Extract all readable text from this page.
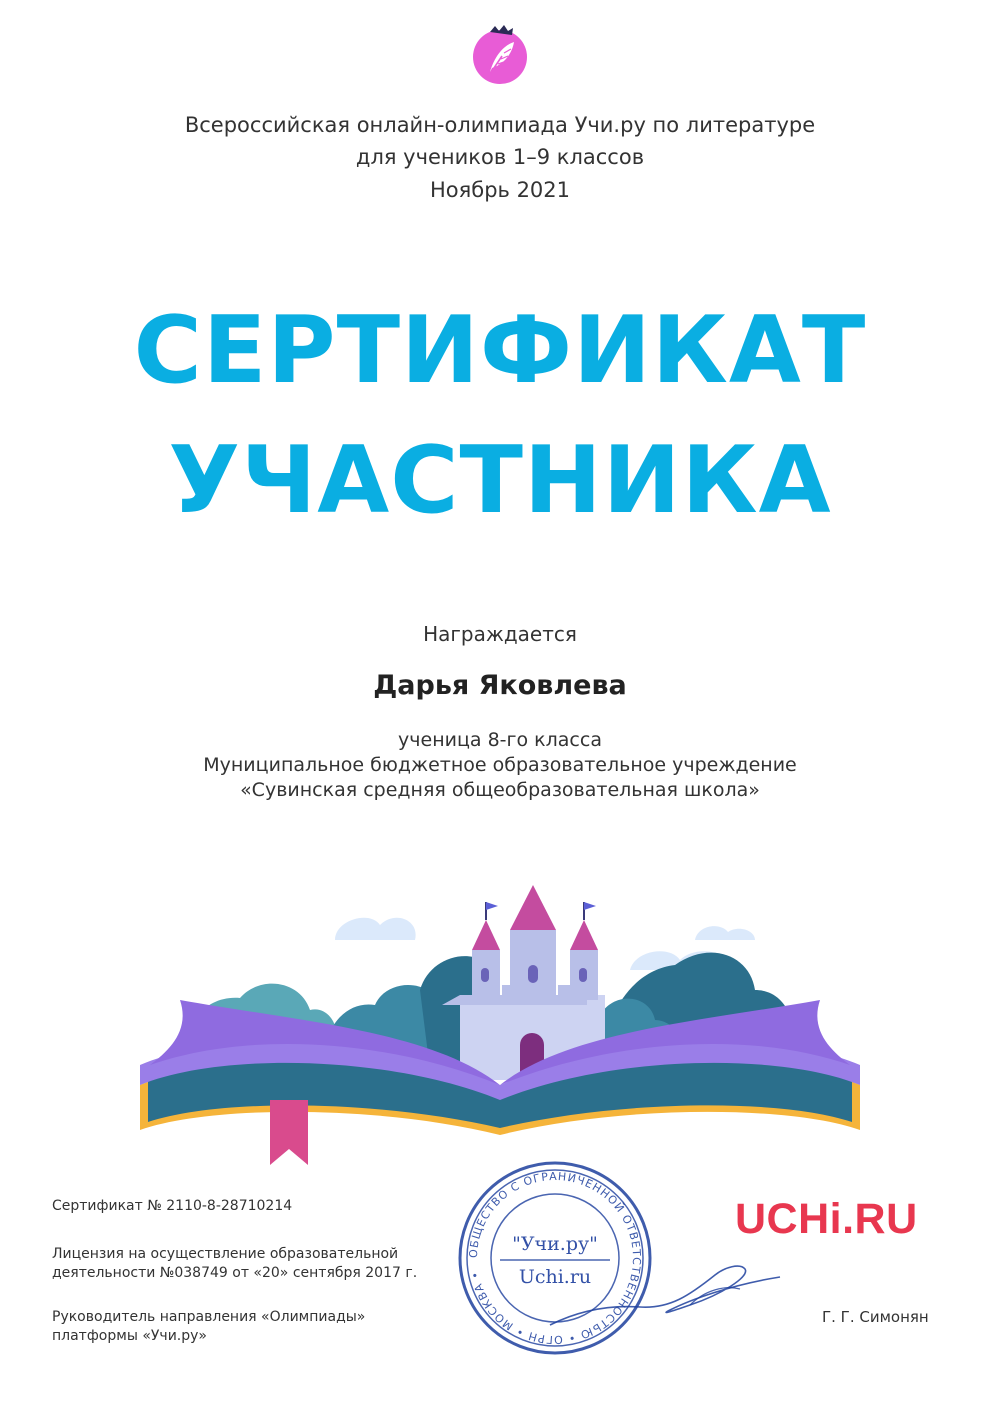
Всероссийская онлайн-олимпиада Учи.ру по литературе
для учеников 1–9 классов
Ноябрь 2021
СЕРТИФИКАТ
УЧАСТНИКА
Награждается
Дарья Яковлева
ученица 8-го класса
Муниципальное бюджетное образовательное учреждение
«Сувинская средняя общеобразовательная школа»
Сертификат № 2110-8-28710214
Лицензия на осуществление образовательной
деятельности №038749 от «20» сентября 2017 г.
Руководитель направления «Олимпиады»
платформы «Учи.ру»
ОБЩЕСТВО С ОГРАНИЧЕННОЙ ОТВЕТСТВЕННОСТЬЮ • ОГРН • МОСКВА •
"Учи.ру"
Uchi.ru
UCHi.RU
Г. Г. Симонян
